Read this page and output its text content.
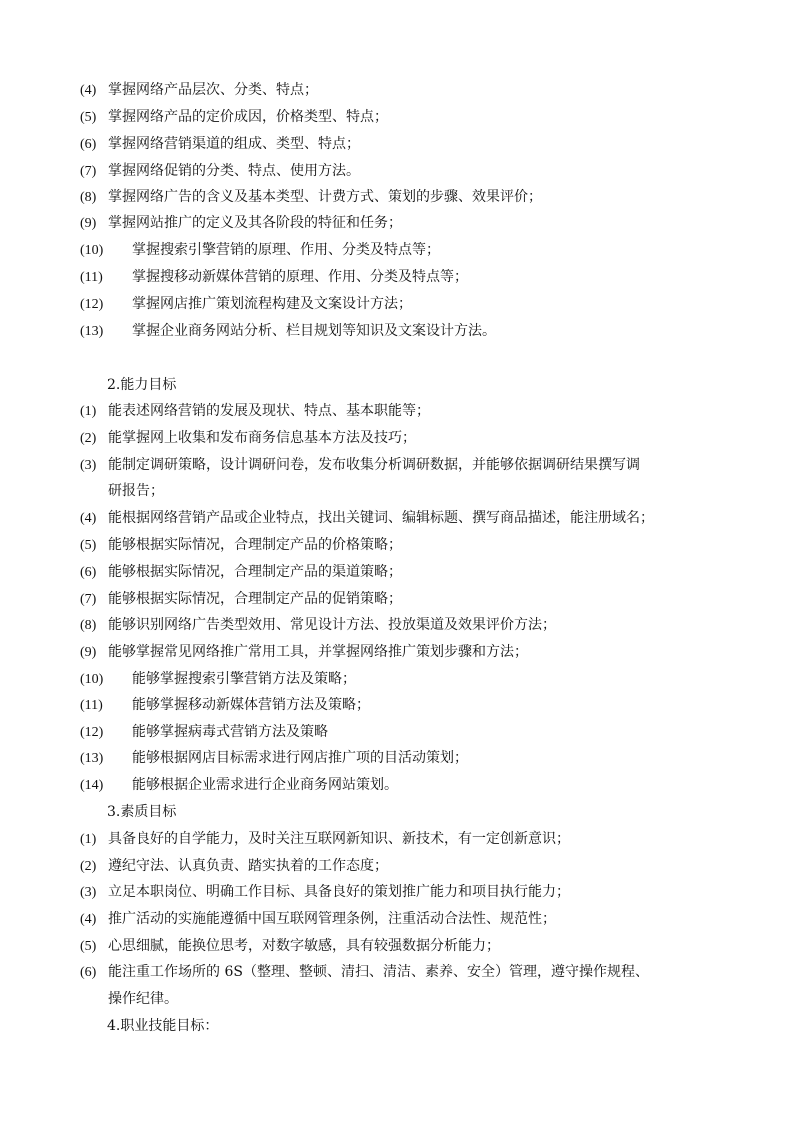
(4) 掌握网络产品层次、分类、特点；
(5) 掌握网络产品的定价成因，价格类型、特点；
(6) 掌握网络营销渠道的组成、类型、特点；
(7) 掌握网络促销的分类、特点、使用方法。
(8) 掌握网络广告的含义及基本类型、计费方式、策划的步骤、效果评价；
(9) 掌握网站推广的定义及其各阶段的特征和任务；
(10) 掌握搜索引擎营销的原理、作用、分类及特点等；
(11) 掌握搜移动新媒体营销的原理、作用、分类及特点等；
(12) 掌握网店推广策划流程构建及文案设计方法；
(13) 掌握企业商务网站分析、栏目规划等知识及文案设计方法。
2.能力目标
(1) 能表述网络营销的发展及现状、特点、基本职能等；
(2) 能掌握网上收集和发布商务信息基本方法及技巧；
(3) 能制定调研策略，设计调研问卷，发布收集分析调研数据，并能够依据调研结果撰写调
研报告；
(4) 能根据网络营销产品或企业特点，找出关键词、编辑标题、撰写商品描述，能注册域名；
(5) 能够根据实际情况，合理制定产品的价格策略；
(6) 能够根据实际情况，合理制定产品的渠道策略；
(7) 能够根据实际情况，合理制定产品的促销策略；
(8) 能够识别网络广告类型效用、常见设计方法、投放渠道及效果评价方法；
(9) 能够掌握常见网络推广常用工具，并掌握网络推广策划步骤和方法；
(10) 能够掌握搜索引擎营销方法及策略；
(11) 能够掌握移动新媒体营销方法及策略；
(12) 能够掌握病毒式营销方法及策略
(13) 能够根据网店目标需求进行网店推广项的目活动策划；
(14) 能够根据企业需求进行企业商务网站策划。
3.素质目标
(1) 具备良好的自学能力，及时关注互联网新知识、新技术，有一定创新意识；
(2) 遵纪守法、认真负责、踏实执着的工作态度；
(3) 立足本职岗位、明确工作目标、具备良好的策划推广能力和项目执行能力；
(4) 推广活动的实施能遵循中国互联网管理条例，注重活动合法性、规范性；
(5) 心思细腻，能换位思考，对数字敏感，具有较强数据分析能力；
(6) 能注重工作场所的 6S（整理、整顿、清扫、清洁、素养、安全）管理，遵守操作规程、
操作纪律。
4.职业技能目标：
